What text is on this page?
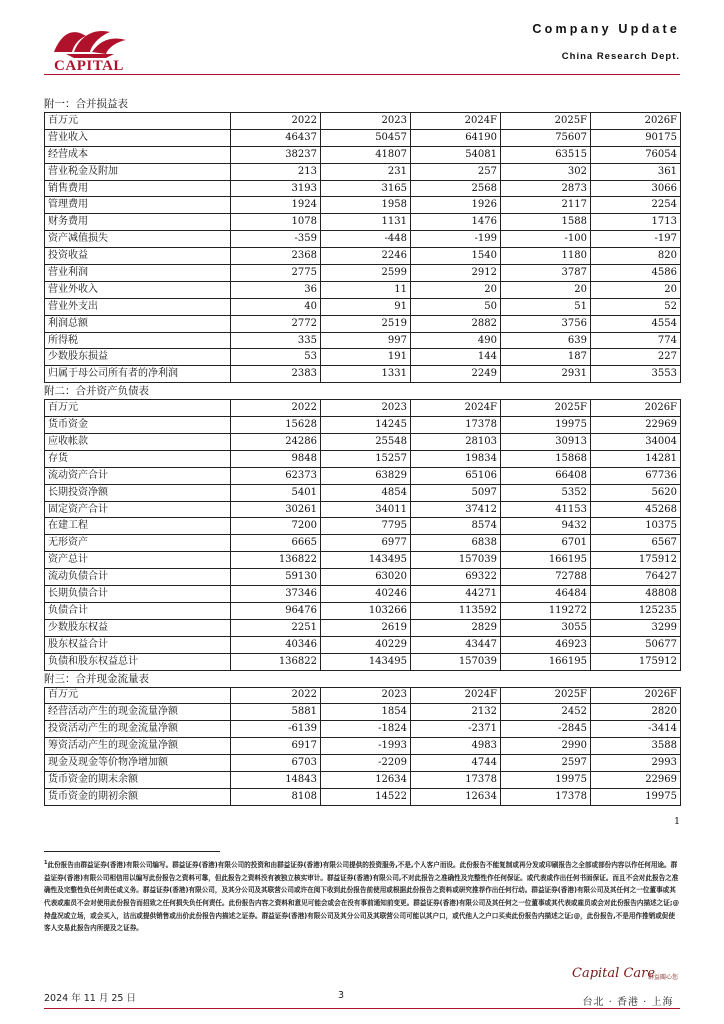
CAPITAL
Company Update
China Research Dept.
附一：合并损益表
百万元	2022	2023	2024F	2025F	2026F
营业收入	46437	50457	64190	75607	90175
经营成本	38237	41807	54081	63515	76054
营业税金及附加	213	231	257	302	361
销售费用	3193	3165	2568	2873	3066
管理费用	1924	1958	1926	2117	2254
财务费用	1078	1131	1476	1588	1713
资产减值损失	-359	-448	-199	-100	-197
投资收益	2368	2246	1540	1180	820
营业利润	2775	2599	2912	3787	4586
营业外收入	36	11	20	20	20
营业外支出	40	91	50	51	52
利润总额	2772	2519	2882	3756	4554
所得税	335	997	490	639	774
少数股东损益	53	191	144	187	227
归属于母公司所有者的净利润	2383	1331	2249	2931	3553
附二：合并资产负债表
百万元	2022	2023	2024F	2025F	2026F
货币资金	15628	14245	17378	19975	22969
应收帐款	24286	25548	28103	30913	34004
存货	9848	15257	19834	15868	14281
流动资产合计	62373	63829	65106	66408	67736
长期投资净额	5401	4854	5097	5352	5620
固定资产合计	30261	34011	37412	41153	45268
在建工程	7200	7795	8574	9432	10375
无形资产	6665	6977	6838	6701	6567
资产总计	136822	143495	157039	166195	175912
流动负债合计	59130	63020	69322	72788	76427
长期负债合计	37346	40246	44271	46484	48808
负债合计	96476	103266	113592	119272	125235
少数股东权益	2251	2619	2829	3055	3299
股东权益合计	40346	40229	43447	46923	50677
负债和股东权益总计	136822	143495	157039	166195	175912
附三：合并现金流量表
百万元	2022	2023	2024F	2025F	2026F
经营活动产生的现金流量净额	5881	1854	2132	2452	2820
投资活动产生的现金流量净额	-6139	-1824	-2371	-2845	-3414
筹资活动产生的现金流量净额	6917	-1993	4983	2990	3588
现金及现金等价物净增加额	6703	-2209	4744	2597	2993
货币资金的期末余额	14843	12634	17378	19975	22969
货币资金的期初余额	8108	14522	12634	17378	19975
1
$^1$此份报告由群益证券(香港)有限公司编写。群益证券(香港)有限公司的投资和由群益证券(香港)有限公司提供的投资服务,不是,个人客户而设。此份报告不能复制或再分发或印刷报告之全部或部份内容以作任何用途。群益证券(香港)有限公司相信用以编写此份报告之资料可靠，但此报告之资料没有被独立核实审计。群益证券(香港)有限公司,不对此报告之准确性及完整性作任何保证。或代表或作出任何书面保证。而且不会对此报告之准确性及完整性负任何责任或义务。群益证券(香港)有限公司，及其分公司及其联营公司或许在阅下收到此份报告前使用或根据此份报告之资料或研究推荐作出任何行动。群益证券(香港)有限公司及其任何之一位董事或其代表或雇员不会对使用此份报告而招致之任何损失负任何责任。此份报告内容之资料和意见可能会或会在没有事前通知前变更。群益证券(香港)有限公司及其任何之一位董事或其代表或雇员或会对此份报告内描述之证;@持盘况或立场，或会买入，沽出或提供销售或出价此份报告内描述之证券。群益证券(香港)有限公司及其分公司及其联营公司可能以其户口，或代他人之户口买卖此份报告内描述之证;@，此份报告,不是用作推销或促使客人交易此报告内所提及之证券。
Capital Care
群益關心您
台北 · 香港 · 上海
2024 年 11 月 25 日	3
